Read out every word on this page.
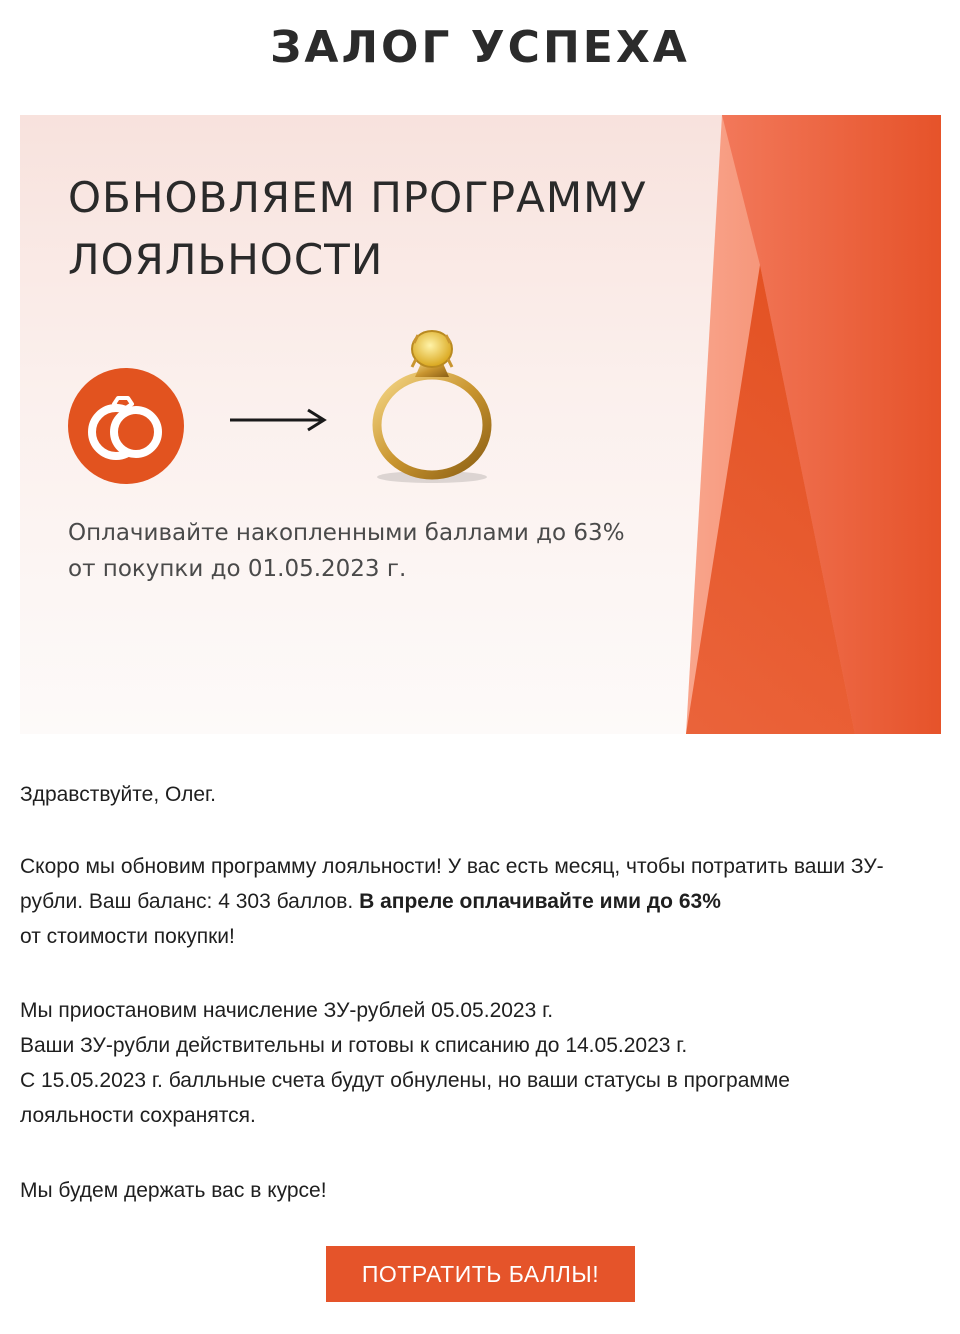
ЗАЛОГ УСПЕХА
ОБНОВЛЯЕМ ПРОГРАММУ
ЛОЯЛЬНОСТИ

Оплачивайте накопленными баллами до 63% от покупки до 01.05.2023 г.

Здравствуйте, Олег.

Скоро мы обновим программу лояльности! У вас есть месяц, чтобы потратить ваши ЗУ-рубли. Ваш баланс: 4 303 баллов. В апреле оплачивайте ими до 63%
от стоимости покупки!

Мы приостановим начисление ЗУ-рублей 05.05.2023 г.
Ваши ЗУ-рубли действительны и готовы к списанию до 14.05.2023 г.
С 15.05.2023 г. балльные счета будут обнулены, но ваши статусы в программе лояльности сохранятся.

Мы будем держать вас в курсе!

ПОТРАТИТЬ БАЛЛЫ!
